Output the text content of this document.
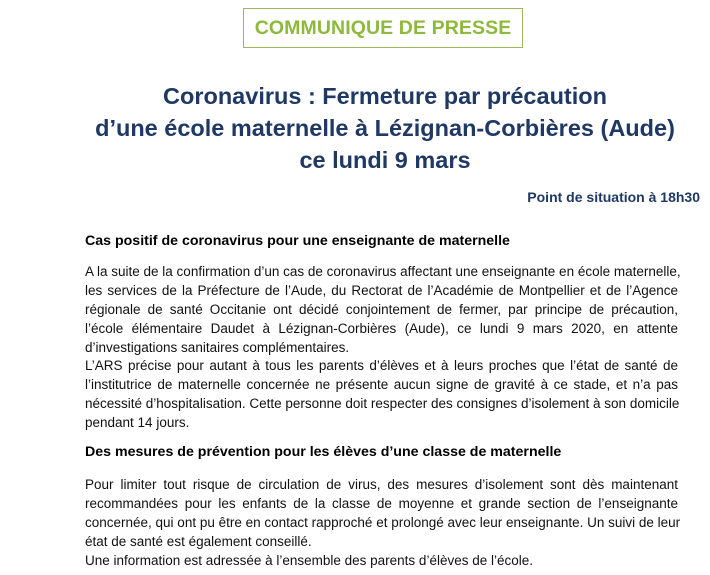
COMMUNIQUE DE PRESSE
Coronavirus : Fermeture par précaution
d’une école maternelle à Lézignan-Corbières (Aude)
ce lundi 9 mars
Point de situation à 18h30
Cas positif de coronavirus pour une enseignante de maternelle
A la suite de la confirmation d’un cas de coronavirus affectant une enseignante en école maternelle,
les services de la Préfecture de l’Aude, du Rectorat de l’Académie de Montpellier et de l’Agence
régionale de santé Occitanie ont décidé conjointement de fermer, par principe de précaution,
l’école élémentaire Daudet à Lézignan-Corbières (Aude), ce lundi 9 mars 2020, en attente
d’investigations sanitaires complémentaires.
L’ARS précise pour autant à tous les parents d’élèves et à leurs proches que l’état de santé de
l’institutrice de maternelle concernée ne présente aucun signe de gravité à ce stade, et n’a pas
nécessité d’hospitalisation. Cette personne doit respecter des consignes d’isolement à son domicile
pendant 14 jours.
Des mesures de prévention pour les élèves d’une classe de maternelle
Pour limiter tout risque de circulation de virus, des mesures d’isolement sont dès maintenant
recommandées pour les enfants de la classe de moyenne et grande section de l’enseignante
concernée, qui ont pu être en contact rapproché et prolongé avec leur enseignante. Un suivi de leur
état de santé est également conseillé.
Une information est adressée à l’ensemble des parents d’élèves de l’école.
